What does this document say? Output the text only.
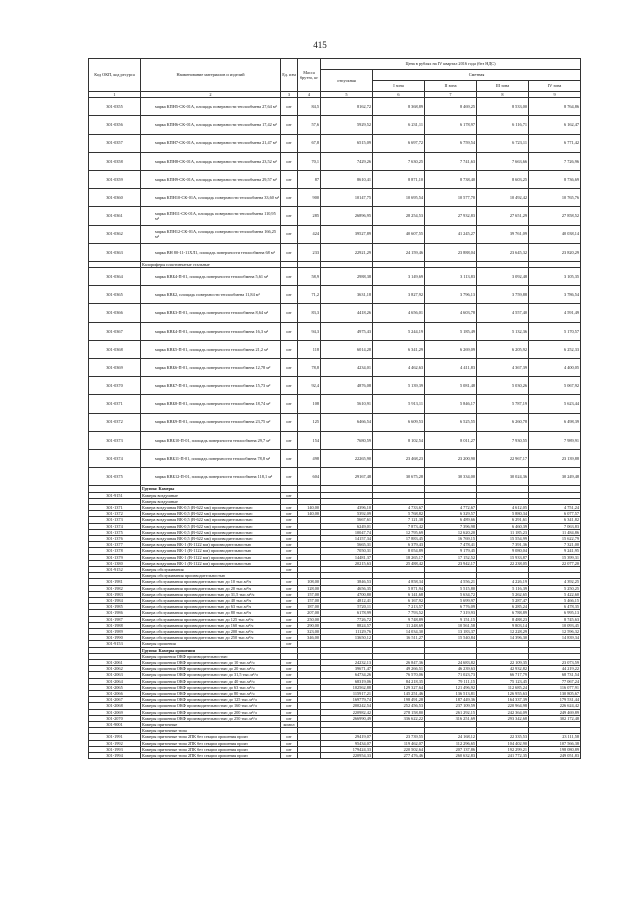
415
Код ОКП, код ресурса	Наименование материалов и изделий	Ед. изм	Масса брутто, кг	Цена в рублях на IV квартал 2016 года (без НДС)				
				отпускная	Сметная			
					I зона	II зона	III зона	IV зона
1	2	3	4	5	6	7	8	9
301-0355	марка КПН5-СК-01А, площадь поверхности теплообмена 27,64 м²	шт	84,5	8162,72	8 368,89	8 469,25	8 533,00	8 764,86
301-0356	марка КПН6-СК-01А, площадь поверхности теплообмена 17,42 м²	шт	57,6	5929,52	6 231,11	6 178,97	6 116,71	6 162,47
301-0357	марка КПН7-СК-01А, площадь поверхности теплообмена 21,47 м²	шт	67,8	6515,09	6 697,72	6 759,54	6 723,11	6 771,42
301-0358	марка КПН8-СК-01А, площадь поверхности теплообмена 23,52 м²	шт	70,1	7429,26	7 630,25	7 741,63	7 663,66	7 726,96
301-0359	марка КПН9-СК-01А, площадь поверхности теплообмена 29,57 м²	шт	87	8610,41	8 871,10	8 738,40	8 603,25	8 736,69
301-0360	марка КПН10-СК-01А, площадь поверхности теплообмена 33,60 м²	шт	900	10147,75	10 695,54	10 577,70	10 492,42	10 765,76
301-0361	марка КПН11-СК-01А, площадь поверхности теплообмена 110,95 м²	шт	285	26896,95	28 254,53	27 932,83	27 651,29	27 858,52
301-0362	марка КПН12-СК-01А, площадь поверхности теплообмена 166,25 м²	шт	424	39527,89	40 607,55	41 245,27	39 761,09	40 038,14
301-0363	марка ВН 80-11-11ХЛ1, площадь поверхности теплообмена 68 м²	шт	233	22921,29	24 159,46	23 888,04	23 645,32	23 820,29
	Калориферы пластинчатые стальные							
301-0364	марка КВБ4-П-01, площадь поверхности теплообмена 5,61 м²	шт	58,9	2988,38	3 149,69	3 113,83	3 092,48	3 105,35
301-0365	марка КВБ2, площадь поверхности теплообмена 11,84 м²	шт	71,2	3631,18	3 827,92	3 796,13	3 759,88	3 786,54
301-0366	марка КВБ3-П-01, площадь поверхности теплообмена 8,64 м²	шт	83,3	4418,26	4 656,01	4 603,78	4 557,40	4 591,49
301-0367	марка КВБ4-П-01, площадь поверхности теплообмена 16,3 м²	шт	94,3	4975,43	5 244,19	5 185,49	5 132,36	5 170,57
301-0368	марка КВБ5-П-01, площадь поверхности теплообмена 21,2 м²	шт	118	6014,28	6 341,29	6 269,09	6 205,92	6 252,33
301-0369	марка КВБ6-П-01, площадь поверхности теплообмена 12,78 м²	шт	78,8	4234,01	4 462,63	4 411,83	4 367,39	4 400,05
301-0370	марка КВБ7-П-01, площадь поверхности теплообмена 15,73 м²	шт	92,4	4876,08	5 139,39	5 081,48	5 030,26	5 067,92
301-0371	марка КВБ8-П-01, площадь поверхности теплообмена 18,74 м²	шт	108	5610,91	5 913,11	5 846,17	5 787,19	5 623,44
301-0372	марка КВБ9-П-01, площадь поверхности теплообмена 23,75 м²	шт	125	6466,54	6 609,53	6 525,55	6 260,78	6 498,39
301-0373	марка КВБ10-П-01, площадь поверхности теплообмена 29,7 м²	шт	154	7680,59	8 102,54	8 011,27	7 930,55	7 989,91
301-0374	марка КВБ11-П-01, площадь поверхности теплообмена 78,8 м²	шт	498	22265,90	23 468,23	23 200,90	22 967,17	23 139,88
301-0375	марка КВБ12-П-01, площадь поверхности теплообмена 118,1 м²	шт	604	29167,48	30 675,28	30 334,00	30 024,36	30 249,48
	Группа: Камеры							
301-9151	Камеры воздушные	шт						
	Камеры воздушные							
301-1371	Камера воздушная ВК-0,5 (В-622 мм) производительностью	шт	140,00	4396,10	4 733,67	4 772,67	4 612,05	4 751,24
301-1372	Камера воздушная ВК-0,5 (В-622 мм) производительностью	шт	140,00	5392,09	5 768,82	6 329,57	5 880,34	6 077,57
301-1373	Камера воздушная ВК-0,5 (В-622 мм) производительностью	шт		5667,61	7 121,38	6 489,66	6 291,61	6 341,82
301-1374	Камера воздушная ВК-0,5 (В-622 мм) производительностью	шт		6249,01	7 873,42	7 396,98	6 460,39	7 063,83
301-1375	Камера воздушная ВК-0,5 (В-622 мм) производительностью	шт		10047,74	12 795,69	12 620,20	11 185,23	11 484,86
301-1376	Камера воздушная ВК-0,5 (В-622 мм) производительностью	шт		14157,34	17 883,45	16 769,15	15 554,99	15 622,79
301-1377	Камера воздушная ВК-1 (В-1122 мм) производительностью	шт		5665,31	6 379,43	7 478,41	7 391,36	7 321,00
301-1378	Камера воздушная ВК-1 (В-1122 мм) производительностью	шт		7050,31	8 054,89	9 179,45	9 080,04	9 241,95
301-1379	Камера воздушная ВК-1 (В-1122 мм) производительностью	шт		14481,37	18 265,17	17 152,52	15 933,87	15 399,31
301-1380	Камера воздушная ВК-1 (В-1122 мм) производительностью	шт		20215,63	25 488,42	23 942,17	22 238,05	22 077,20
301-9152	Камеры обслуживания	шт						
	Камеры обслуживания производительностью							
301-1981	Камера обслуживания производительностью до 10 тыс.м³/ч	шт	108,00	3846,53	4 858,34	4 556,21	4 226,19	4 392,25
301-1982	Камера обслуживания производительностью до 20 тыс.м³/ч	шт	128,00	4656,35	5 871,94	5 515,80	5 116,39	5 250,25
301-1983	Камера обслуживания производительностью до 31,5 тыс.м³/ч	шт	157,00	4700,80	6 141,68	5 634,72	5 262,65	5 422,60
301-1984	Камера обслуживания производительностью до 40 тыс.м³/ч	шт	157,00	4812,41	6 167,92	5 699,97	5 287,47	5 466,15
301-1985	Камера обслуживания производительностью до 63 тыс.м³/ч	шт	187,00	5720,11	7 213,57	6 776,09	6 285,24	6 478,35
301-1986	Камера обслуживания производительностью до 80 тыс.м³/ч	шт	207,00	6178,99	7 793,52	7 319,93	6 788,89	6 995,13
301-1987	Камера обслуживания производительностью до 125 тыс.м³/ч	шт	250,00	7726,72	9 748,89	9 151,15	8 488,23	8 745,63
301-1988	Камера обслуживания производительностью до 160 тыс.м³/ч	шт	290,00	8824,57	11 248,69	10 561,58	9 803,14	10 093,45
301-1989	Камера обслуживания производительностью до 200 тыс.м³/ч	шт	323,00	11129,76	14 034,30	13 183,37	12 228,29	12 596,32
301-1990	Камера обслуживания производительностью до 250 тыс.м³/ч	шт	346,00	13650,12	16 511,27	15 540,84	14 396,30	14 839,34
301-9153	Камеры орошения	шт						
	Группа: Камеры орошения							
	Камеры орошения ОКФ производительностью							
301-2061	Камеры орошения ОКФ производительностью до 10 тыс.м³/ч	шт		24232,13	26 847,36	24 683,82	22 109,35	23 073,59
301-2062	Камеры орошения ОКФ производительностью до 20 тыс.м³/ч	шт		39671,47	49 266,51	46 239,63	42 932,82	44 219,22
301-2063	Камеры орошения ОКФ производительностью до 31,5 тыс.м³/ч	шт		64734,26	76 570,06	71 023,73	66 717,79	68 731,54
301-2064	Камеры орошения ОКФ производительностью до 40 тыс.м³/ч	шт		68319,06	84 218,35	79 111,15	75 123,45	77 067,24
301-2065	Камеры орошения ОКФ производительностью до 63 тыс.м³/ч	шт		102562,88	129 327,64	121 496,92	112 685,24	116 077,91
301-2066	Камеры орошения ОКФ производительностью до 80 тыс.м³/ч	шт		115917,21	145 251,46	136 513,81	126 955,63	130 805,67
301-2067	Камеры орошения ОКФ производительностью до 125 тыс.м³/ч	шт		169779,74	198 491,28	187 449,36	164 337,39	179 531,44
301-2068	Камеры орошения ОКФ производительностью до 160 тыс.м³/ч	шт		200242,54	252 456,53	237 109,59	220 964,98	226 624,42
301-2069	Камеры орошения ОКФ производительностью до 200 тыс.м³/ч	шт		220982,42	278 158,80	261 292,15	242 364,09	249 469,89
301-2070	Камеры орошения ОКФ производительностью до 250 тыс.м³/ч	шт		266990,49	336 622,22	316 251,69	293 342,68	302 172,48
301-9001	Камеры приточные	компл						
	Камеры приточные типа							
301-1991	Камеры приточные типа 2ПК без секции орошения произ	шт		29419,07	23 739,55	24 168,12	22 335,53	23 111,58
301-1992	Камеры приточные типа 2ПК без секции орошения произ	шт		95434,07	119 462,07	112 296,65	104 402,90	107 566,38
301-1993	Камеры приточные типа 2ПК без секции орошения произ	шт		179424,33	220 502,64	207 137,86	192 299,21	198 080,89
301-1994	Камеры приточные типа 2ПК без секции орошения произ	шт		220954,33	277 476,46	260 632,83	241 772,35	249 051,83
